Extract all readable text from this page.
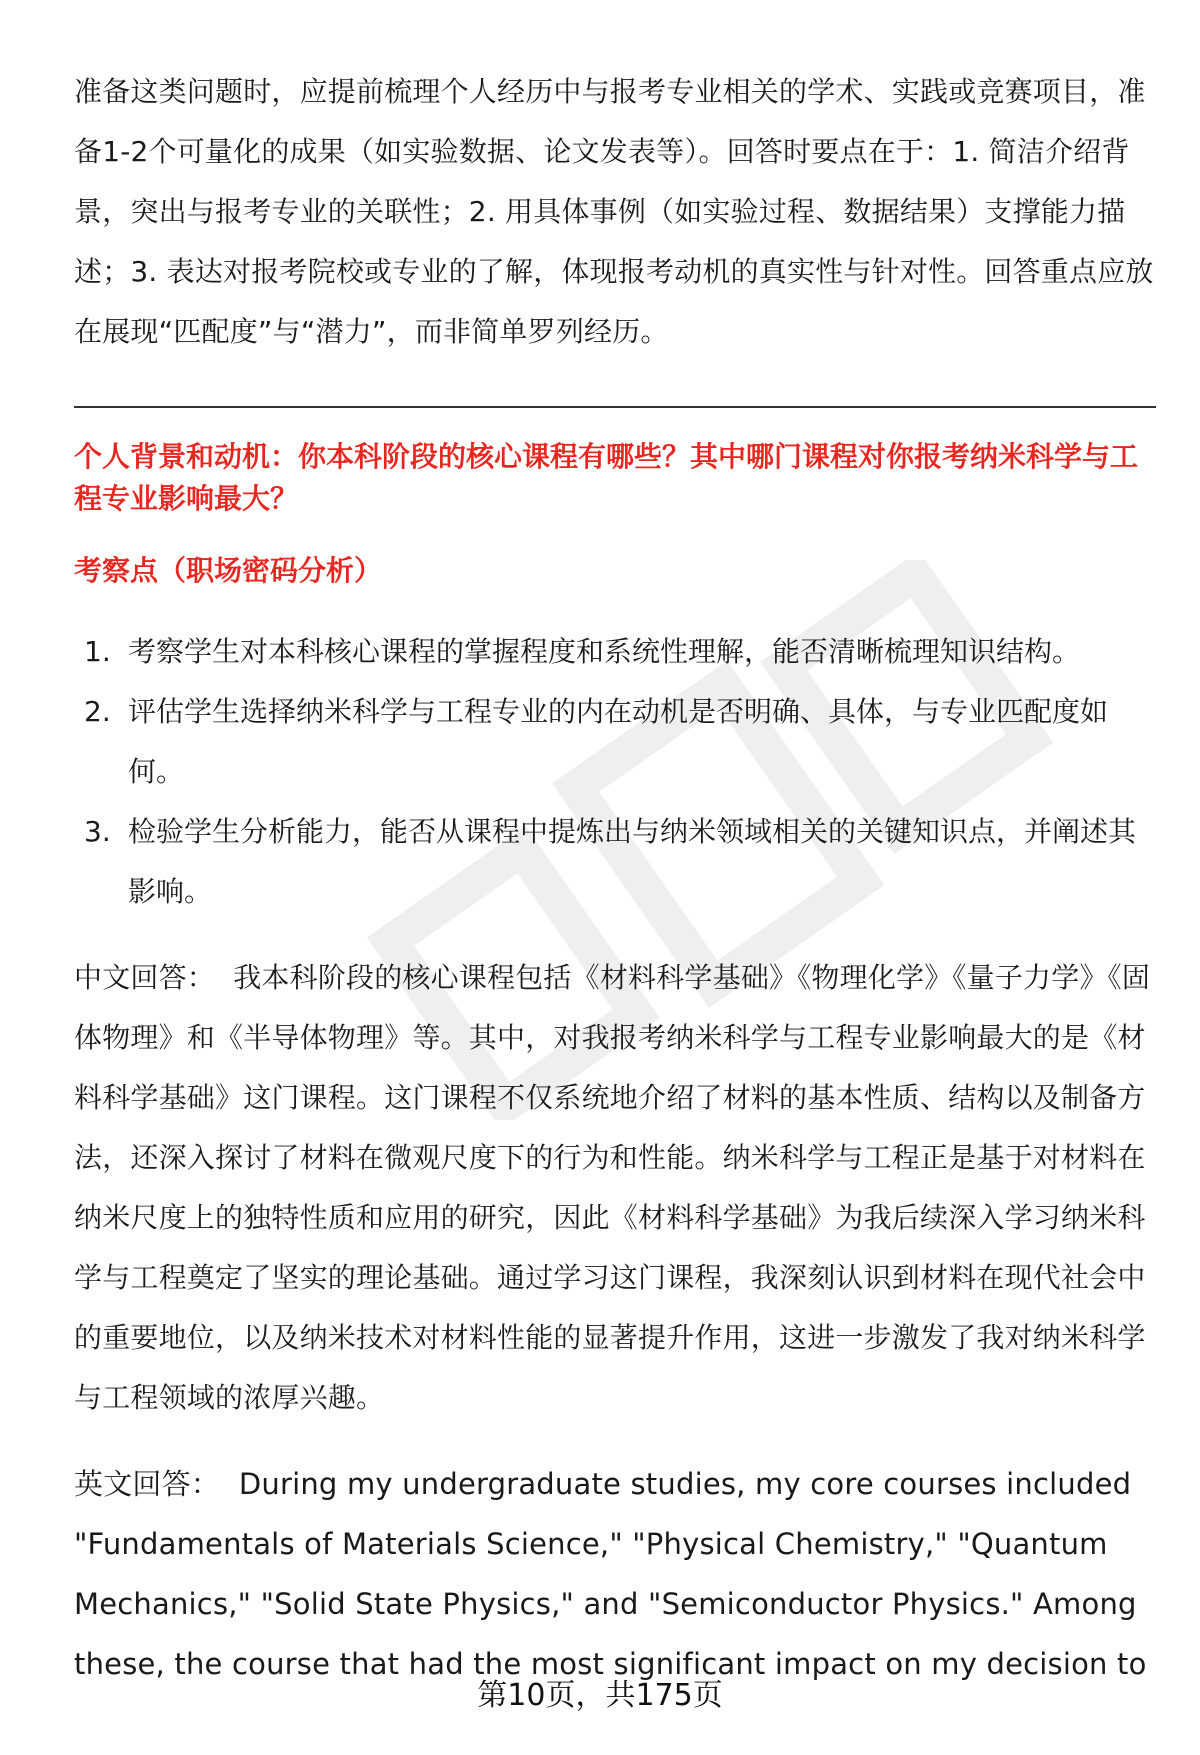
准备这类问题时，应提前梳理个人经历中与报考专业相关的学术、实践或竞赛项目，准备1-2个可量化的成果（如实验数据、论文发表等）。回答时要点在于：1. 简洁介绍背景，突出与报考专业的关联性；2. 用具体事例（如实验过程、数据结果）支撑能力描述；3. 表达对报考院校或专业的了解，体现报考动机的真实性与针对性。回答重点应放在展现“匹配度”与“潜力”，而非简单罗列经历。

个人背景和动机：你本科阶段的核心课程有哪些？其中哪门课程对你报考纳米科学与工程专业影响最大？

考察点（职场密码分析）

1. 考察学生对本科核心课程的掌握程度和系统性理解，能否清晰梳理知识结构。
2. 评估学生选择纳米科学与工程专业的内在动机是否明确、具体，与专业匹配度如何。
3. 检验学生分析能力，能否从课程中提炼出与纳米领域相关的关键知识点，并阐述其影响。

中文回答： 我本科阶段的核心课程包括《材料科学基础》《物理化学》《量子力学》《固体物理》和《半导体物理》等。其中，对我报考纳米科学与工程专业影响最大的是《材料科学基础》这门课程。这门课程不仅系统地介绍了材料的基本性质、结构以及制备方法，还深入探讨了材料在微观尺度下的行为和性能。纳米科学与工程正是基于对材料在纳米尺度上的独特性质和应用的研究，因此《材料科学基础》为我后续深入学习纳米科学与工程奠定了坚实的理论基础。通过学习这门课程，我深刻认识到材料在现代社会中的重要地位，以及纳米技术对材料性能的显著提升作用，这进一步激发了我对纳米科学与工程领域的浓厚兴趣。

英文回答： During my undergraduate studies, my core courses included "Fundamentals of Materials Science," "Physical Chemistry," "Quantum Mechanics," "Solid State Physics," and "Semiconductor Physics." Among these, the course that had the most significant impact on my decision to

第10页，共175页
